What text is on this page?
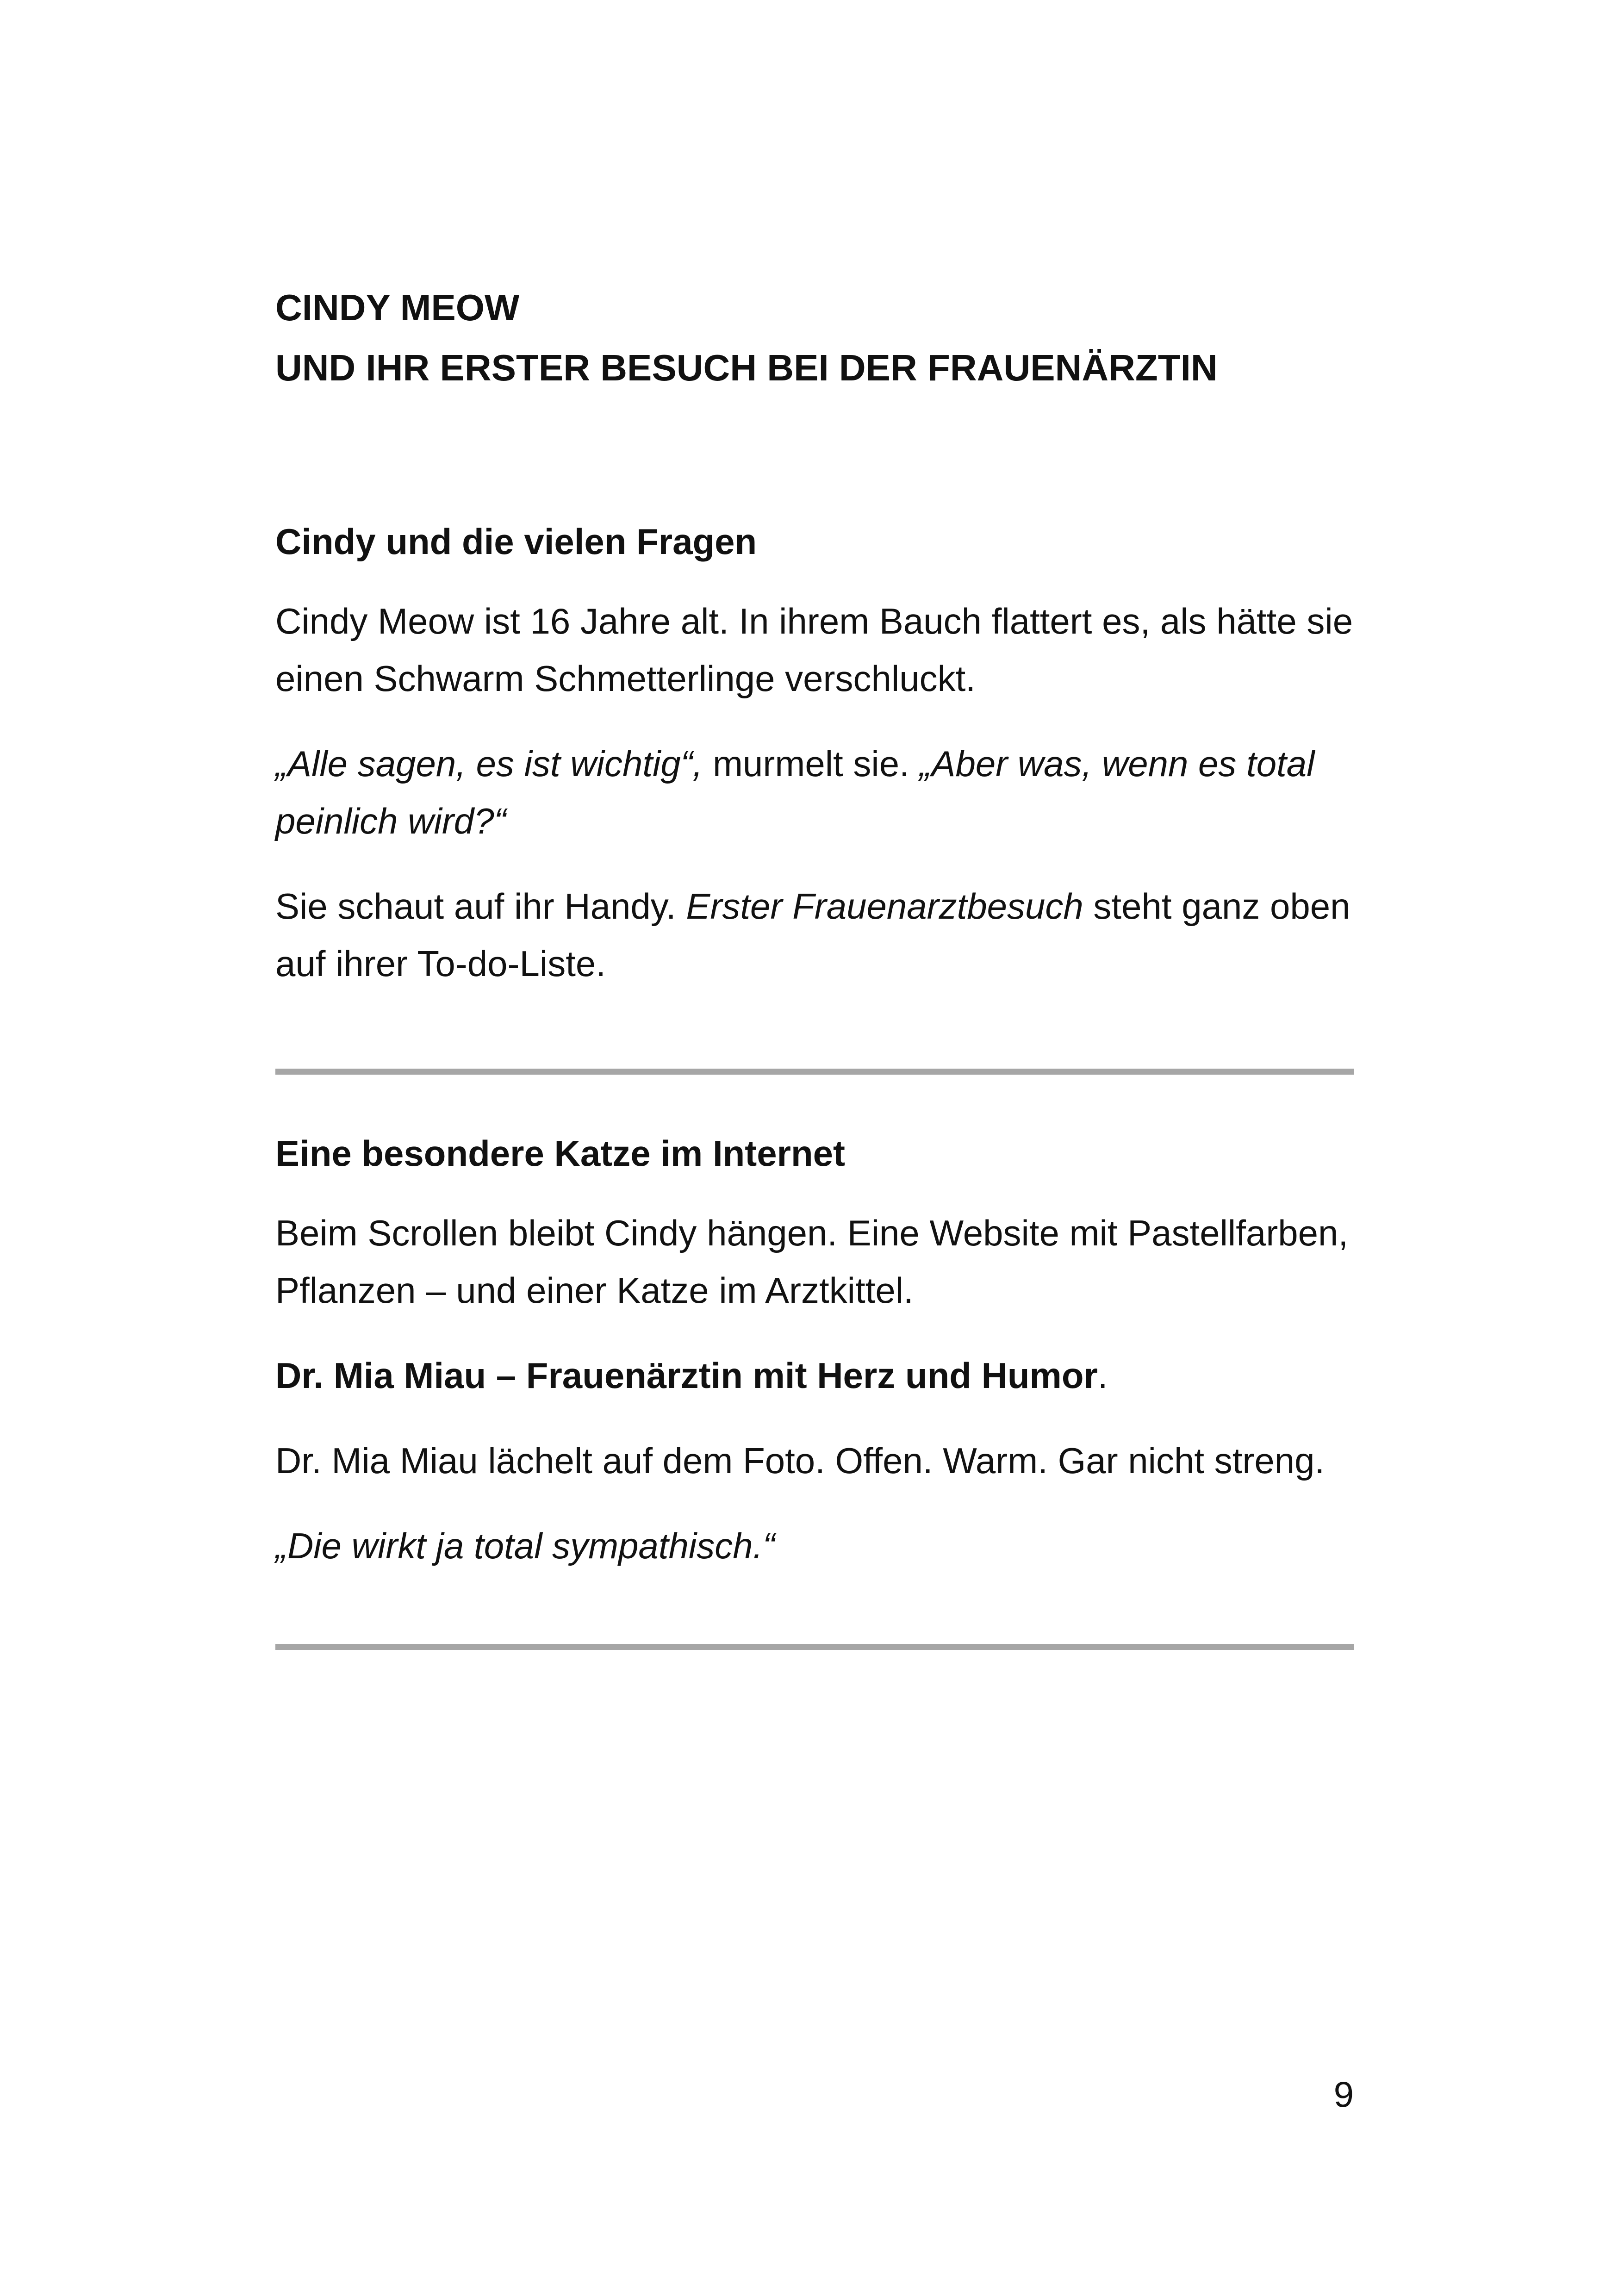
CINDY MEOW
UND IHR ERSTER BESUCH BEI DER FRAUENÄRZTIN
Cindy und die vielen Fragen

Cindy Meow ist 16 Jahre alt. In ihrem Bauch flattert es, als hätte sie einen Schwarm Schmetterlinge verschluckt.

„Alle sagen, es ist wichtig“, murmelt sie. „Aber was, wenn es total peinlich wird?“

Sie schaut auf ihr Handy. Erster Frauenarztbesuch steht ganz oben auf ihrer To-do-Liste.

Eine besondere Katze im Internet

Beim Scrollen bleibt Cindy hängen. Eine Website mit Pastellfarben, Pflanzen – und einer Katze im Arztkittel.

Dr. Mia Miau – Frauenärztin mit Herz und Humor.

Dr. Mia Miau lächelt auf dem Foto. Offen. Warm. Gar nicht streng.

„Die wirkt ja total sympathisch.“

9
